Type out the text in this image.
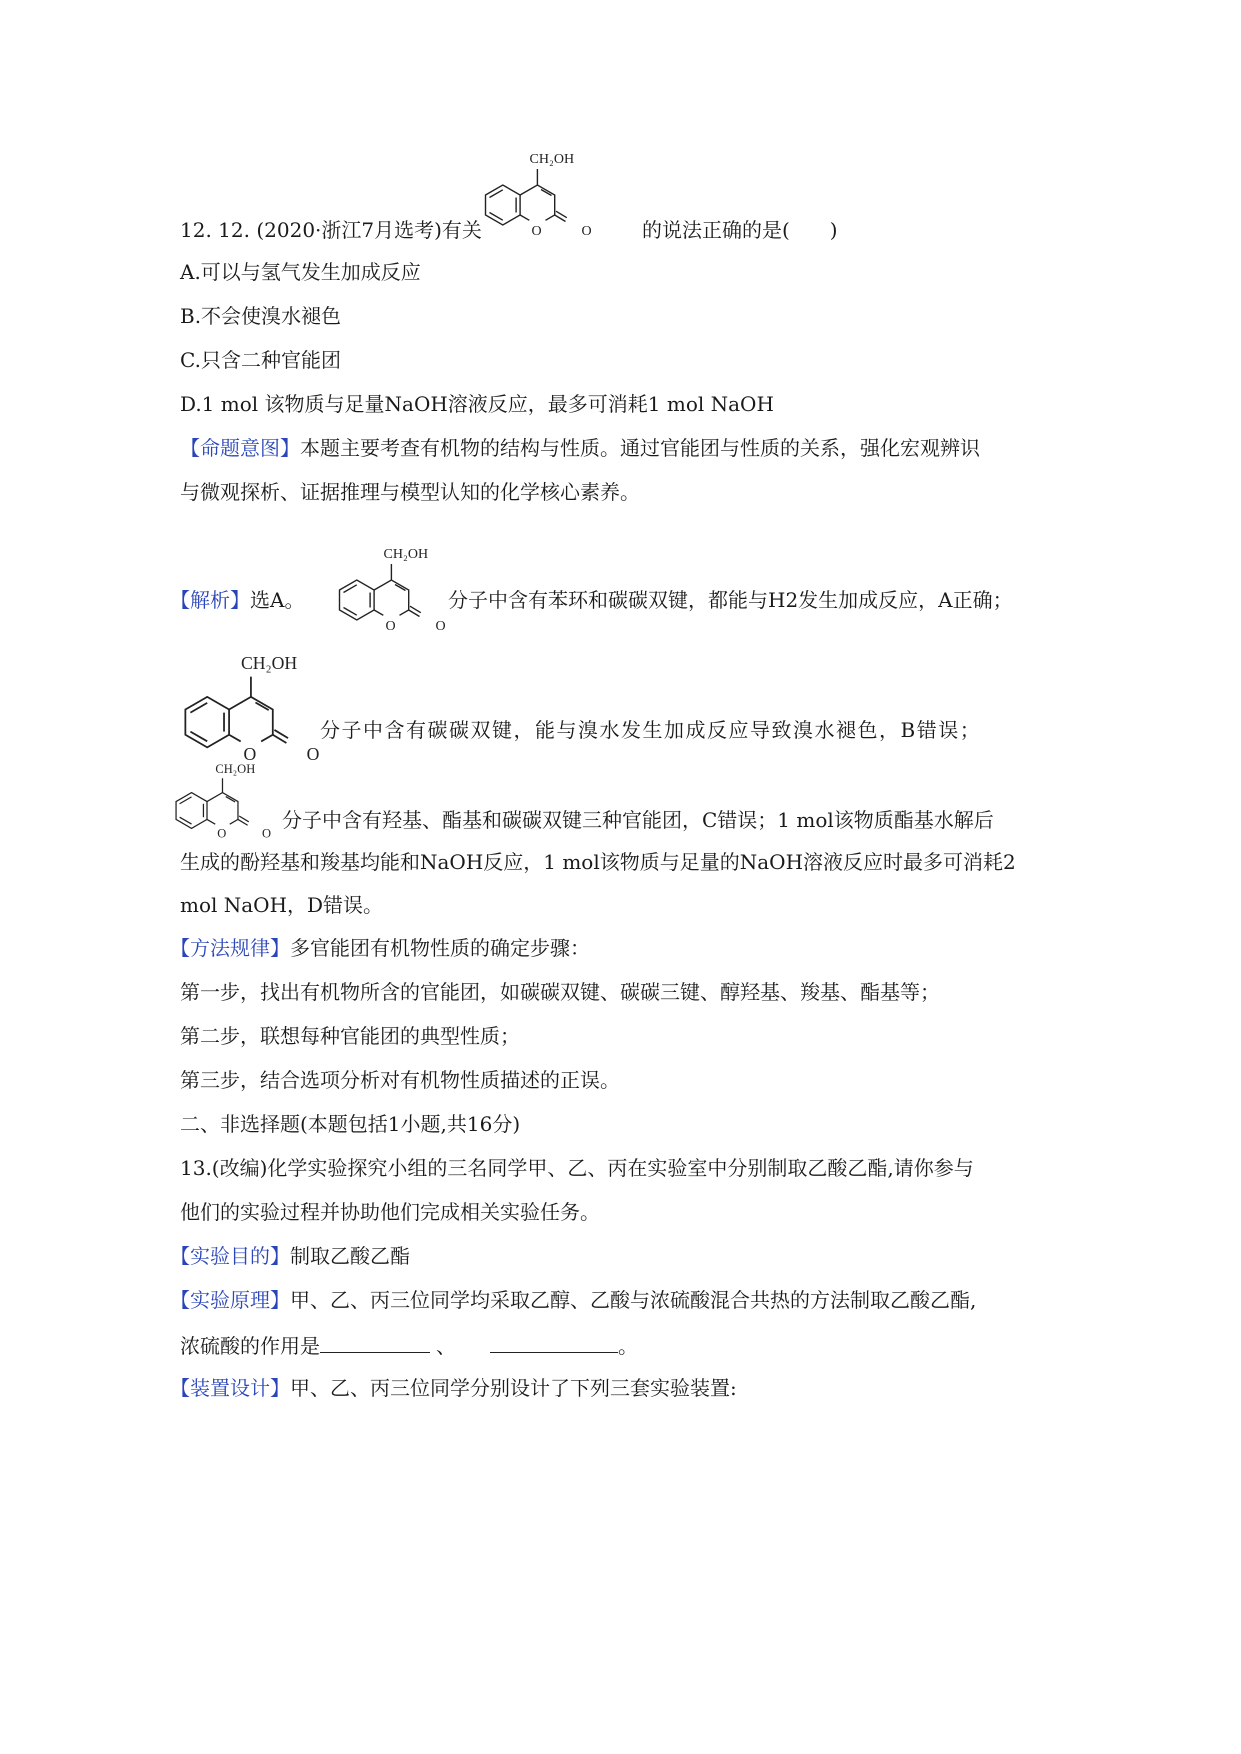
12. 12. (2020·浙江7月选考)有关
CH₂OH
O	O	的说法正确的是(　　)
A.可以与氢气发生加成反应
B.不会使溴水褪色
C.只含二种官能团
D.1 mol 该物质与足量NaOH溶液反应，最多可消耗1 mol NaOH
【命题意图】本题主要考查有机物的结构与性质。通过官能团与性质的关系，强化宏观辨识
与微观探析、证据推理与模型认知的化学核心素养。
CH₂OH
O	O
【解析】选A。	分子中含有苯环和碳碳双键，都能与H2发生加成反应，A正确；
CH₂OH
O	O
分子中含有碳碳双键，能与溴水发生加成反应导致溴水褪色，B错误；
CH₂OH
O	O
分子中含有羟基、酯基和碳碳双键三种官能团，C错误；1 mol该物质酯基水解后
生成的酚羟基和羧基均能和NaOH反应，1 mol该物质与足量的NaOH溶液反应时最多可消耗2
mol NaOH，D错误。
【方法规律】多官能团有机物性质的确定步骤：
第一步，找出有机物所含的官能团，如碳碳双键、碳碳三键、醇羟基、羧基、酯基等；
第二步，联想每种官能团的典型性质；
第三步，结合选项分析对有机物性质描述的正误。
二、非选择题(本题包括1小题,共16分)
13.(改编)化学实验探究小组的三名同学甲、乙、丙在实验室中分别制取乙酸乙酯,请你参与
他们的实验过程并协助他们完成相关实验任务。
【实验目的】制取乙酸乙酯
【实验原理】甲、乙、丙三位同学均采取乙醇、乙酸与浓硫酸混合共热的方法制取乙酸乙酯,
浓硫酸的作用是	、	。
【装置设计】甲、乙、丙三位同学分别设计了下列三套实验装置:
